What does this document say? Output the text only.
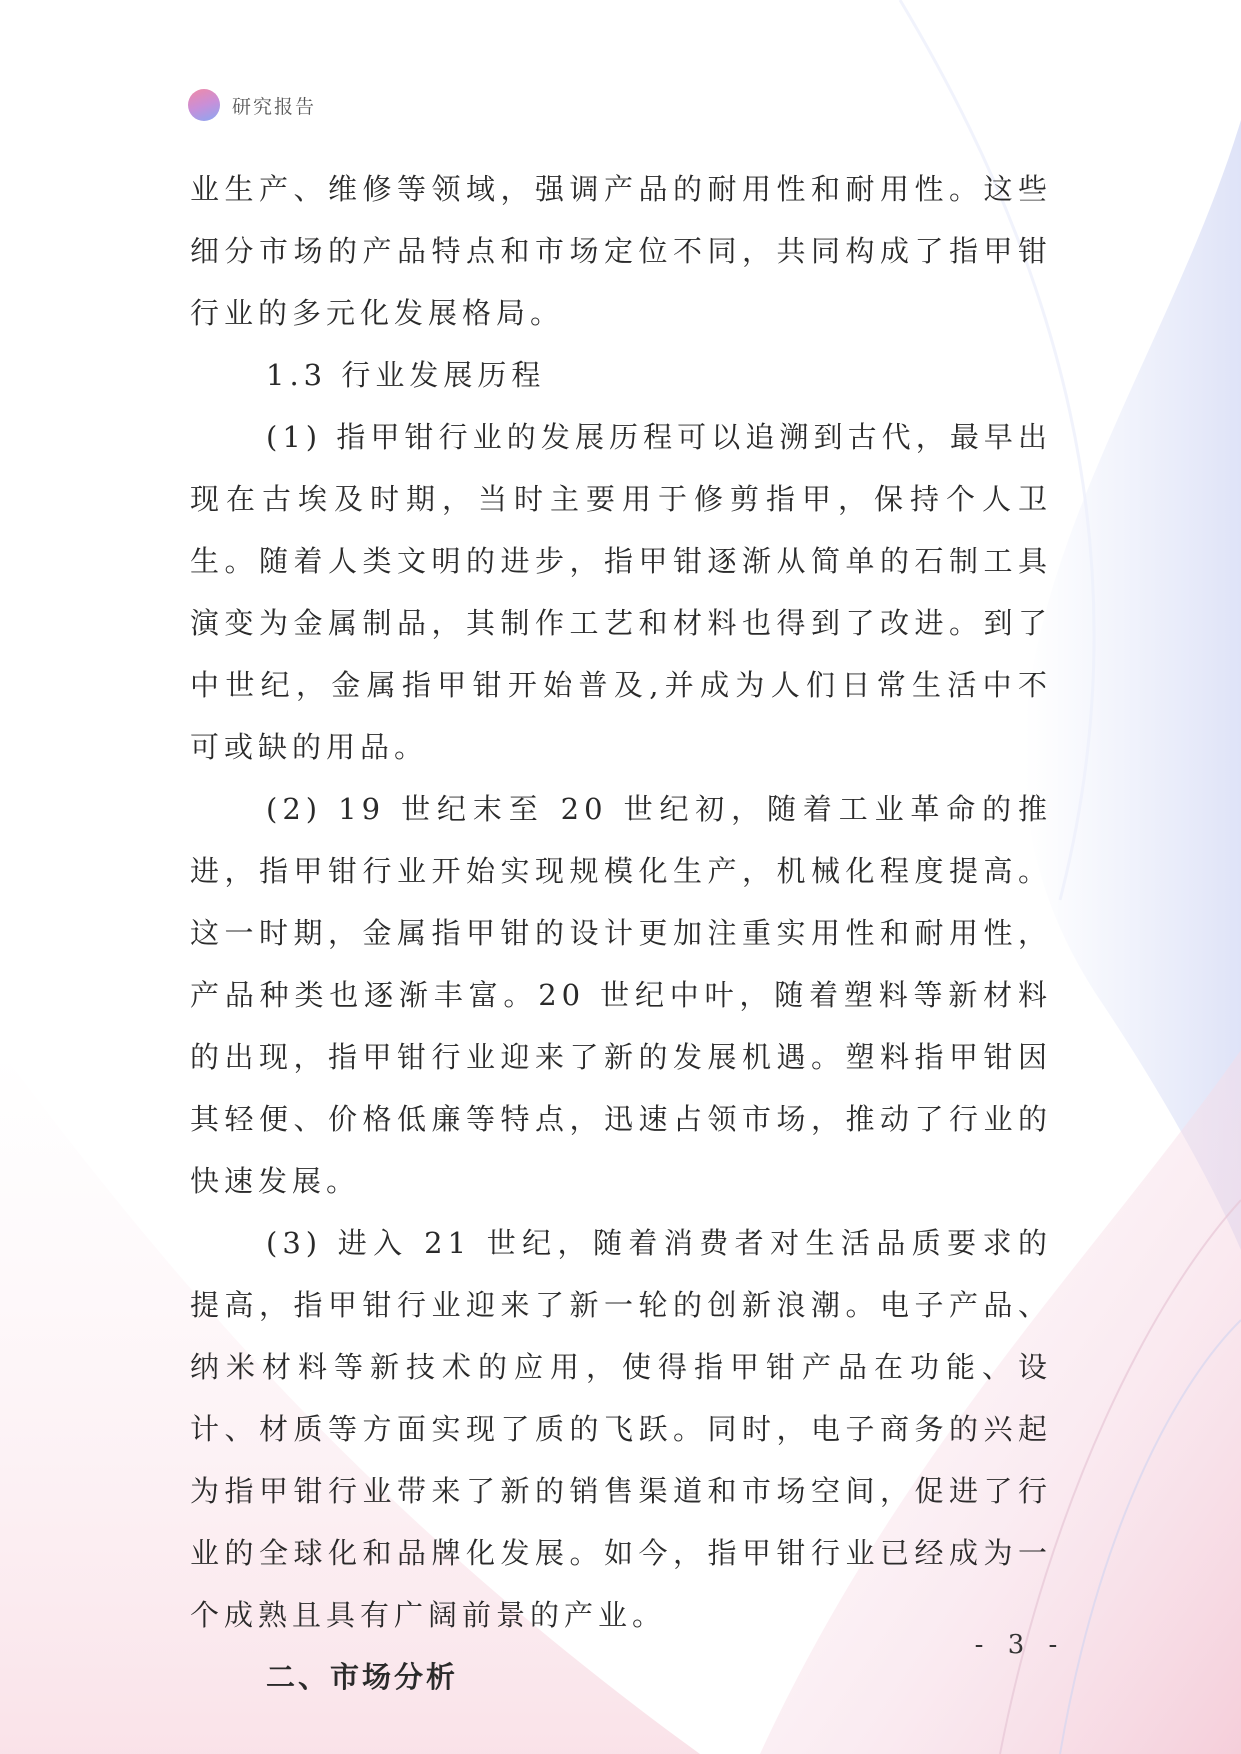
研究报告

业生产、维修等领域，强调产品的耐用性和耐用性。这些细分市场的产品特点和市场定位不同，共同构成了指甲钳行业的多元化发展格局。

1.3 行业发展历程

(1) 指甲钳行业的发展历程可以追溯到古代，最早出现在古埃及时期，当时主要用于修剪指甲，保持个人卫生。随着人类文明的进步，指甲钳逐渐从简单的石制工具演变为金属制品，其制作工艺和材料也得到了改进。到了中世纪，金属指甲钳开始普及,并成为人们日常生活中不可或缺的用品。

(2) 19 世纪末至 20 世纪初，随着工业革命的推进，指甲钳行业开始实现规模化生产，机械化程度提高。这一时期，金属指甲钳的设计更加注重实用性和耐用性，产品种类也逐渐丰富。20 世纪中叶，随着塑料等新材料的出现，指甲钳行业迎来了新的发展机遇。塑料指甲钳因其轻便、价格低廉等特点，迅速占领市场，推动了行业的快速发展。

(3) 进入 21 世纪，随着消费者对生活品质要求的提高，指甲钳行业迎来了新一轮的创新浪潮。电子产品、纳米材料等新技术的应用，使得指甲钳产品在功能、设计、材质等方面实现了质的飞跃。同时，电子商务的兴起为指甲钳行业带来了新的销售渠道和市场空间，促进了行业的全球化和品牌化发展。如今，指甲钳行业已经成为一个成熟且具有广阔前景的产业。

二、市场分析

- 3 -
